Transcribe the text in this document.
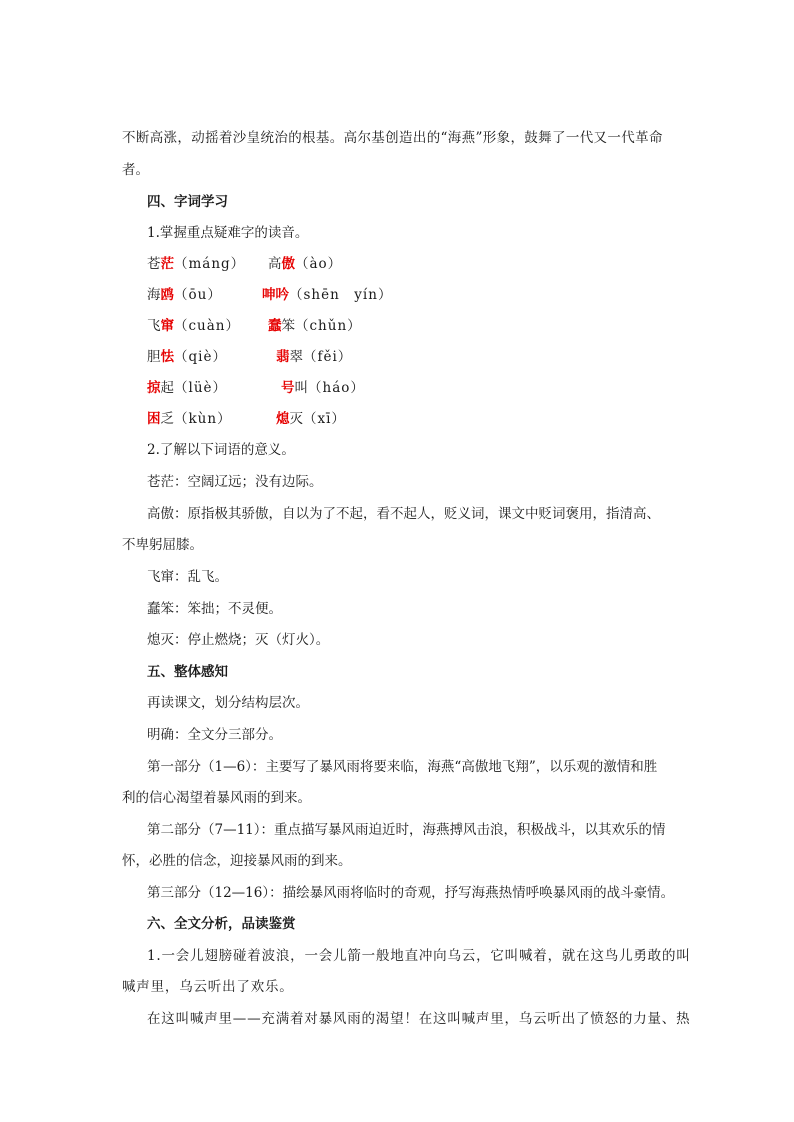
不断高涨，动摇着沙皇统治的根基。高尔基创造出的“海燕”形象，鼓舞了一代又一代革命
者。
四、字词学习
1.掌握重点疑难字的读音。
苍茫（máng） 高傲（ào）
海鸥（ōu）	呻吟（shēn　yín）
飞窜（cuàn） 蠢笨（chǔn）
胆怯（qiè）	翡翠（fěi）
掠起（lüè）	号叫（háo）
困乏（kùn）	熄灭（xī）
2.了解以下词语的意义。
苍茫：空阔辽远；没有边际。
高傲：原指极其骄傲，自以为了不起，看不起人，贬义词，课文中贬词褒用，指清高、
不卑躬屈膝。
飞窜：乱飞。
蠢笨：笨拙；不灵便。
熄灭：停止燃烧；灭（灯火）。
五、整体感知
再读课文，划分结构层次。
明确：全文分三部分。
第一部分（1—6）：主要写了暴风雨将要来临，海燕“高傲地飞翔”，以乐观的激情和胜
利的信心渴望着暴风雨的到来。
第二部分（7—11）：重点描写暴风雨迫近时，海燕搏风击浪，积极战斗，以其欢乐的情
怀，必胜的信念，迎接暴风雨的到来。
第三部分（12—16）：描绘暴风雨将临时的奇观，抒写海燕热情呼唤暴风雨的战斗豪情。
六、全文分析，品读鉴赏
1.一会儿翅膀碰着波浪，一会儿箭一般地直冲向乌云，它叫喊着，就在这鸟儿勇敢的叫
喊声里，乌云听出了欢乐。
在这叫喊声里——充满着对暴风雨的渴望！在这叫喊声里，乌云听出了愤怒的力量、热
